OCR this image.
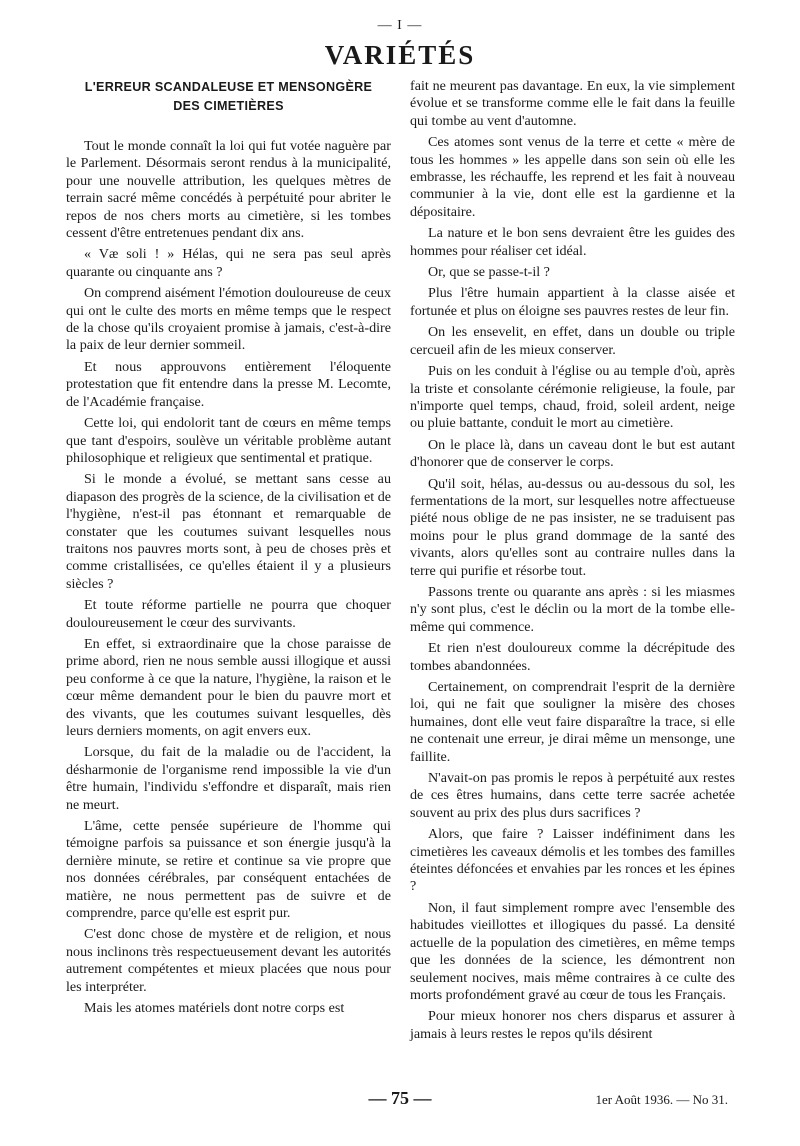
— I —
VARIÉTÉS
L'ERREUR SCANDALEUSE ET MENSONGÈRE
DES CIMETIÈRES

Tout le monde connaît la loi qui fut votée naguère par le Parlement. Désormais seront rendus à la municipalité, pour une nouvelle attribution, les quelques mètres de terrain sacré même concédés à perpétuité pour abriter le repos de nos chers morts au cimetière, si les tombes cessent d'être entretenues pendant dix ans.

« Væ soli ! » Hélas, qui ne sera pas seul après quarante ou cinquante ans ?

On comprend aisément l'émotion douloureuse de ceux qui ont le culte des morts en même temps que le respect de la chose qu'ils croyaient promise à jamais, c'est-à-dire la paix de leur dernier sommeil.

Et nous approuvons entièrement l'éloquente protestation que fit entendre dans la presse M. Lecomte, de l'Académie française.

Cette loi, qui endolorit tant de cœurs en même temps que tant d'espoirs, soulève un véritable problème autant philosophique et religieux que sentimental et pratique.

Si le monde a évolué, se mettant sans cesse au diapason des progrès de la science, de la civilisation et de l'hygiène, n'est-il pas étonnant et remarquable de constater que les coutumes suivant lesquelles nous traitons nos pauvres morts sont, à peu de choses près et comme cristallisées, ce qu'elles étaient il y a plusieurs siècles ?

Et toute réforme partielle ne pourra que choquer douloureusement le cœur des survivants.

En effet, si extraordinaire que la chose paraisse de prime abord, rien ne nous semble aussi illogique et aussi peu conforme à ce que la nature, l'hygiène, la raison et le cœur même demandent pour le bien du pauvre mort et des vivants, que les coutumes suivant lesquelles, dès leurs derniers moments, on agit envers eux.

Lorsque, du fait de la maladie ou de l'accident, la désharmonie de l'organisme rend impossible la vie d'un être humain, l'individu s'effondre et disparaît, mais rien ne meurt.

L'âme, cette pensée supérieure de l'homme qui témoigne parfois sa puissance et son énergie jusqu'à la dernière minute, se retire et continue sa vie propre que nos données cérébrales, par conséquent entachées de matière, ne nous permettent pas de suivre et de comprendre, parce qu'elle est esprit pur.

C'est donc chose de mystère et de religion, et nous nous inclinons très respectueusement devant les autorités autrement compétentes et mieux placées que nous pour les interpréter.

Mais les atomes matériels dont notre corps est

fait ne meurent pas davantage. En eux, la vie simplement évolue et se transforme comme elle le fait dans la feuille qui tombe au vent d'automne.

Ces atomes sont venus de la terre et cette « mère de tous les hommes » les appelle dans son sein où elle les embrasse, les réchauffe, les reprend et les fait à nouveau communier à la vie, dont elle est la gardienne et la dépositaire.

La nature et le bon sens devraient être les guides des hommes pour réaliser cet idéal.

Or, que se passe-t-il ?

Plus l'être humain appartient à la classe aisée et fortunée et plus on éloigne ses pauvres restes de leur fin.

On les ensevelit, en effet, dans un double ou triple cercueil afin de les mieux conserver.

Puis on les conduit à l'église ou au temple d'où, après la triste et consolante cérémonie religieuse, la foule, par n'importe quel temps, chaud, froid, soleil ardent, neige ou pluie battante, conduit le mort au cimetière.

On le place là, dans un caveau dont le but est autant d'honorer que de conserver le corps.

Qu'il soit, hélas, au-dessus ou au-dessous du sol, les fermentations de la mort, sur lesquelles notre affectueuse piété nous oblige de ne pas insister, ne se traduisent pas moins pour le plus grand dommage de la santé des vivants, alors qu'elles sont au contraire nulles dans la terre qui purifie et résorbe tout.

Passons trente ou quarante ans après : si les miasmes n'y sont plus, c'est le déclin ou la mort de la tombe elle-même qui commence.

Et rien n'est douloureux comme la décrépitude des tombes abandonnées.

Certainement, on comprendrait l'esprit de la dernière loi, qui ne fait que souligner la misère des choses humaines, dont elle veut faire disparaître la trace, si elle ne contenait une erreur, je dirai même un mensonge, une faillite.

N'avait-on pas promis le repos à perpétuité aux restes de ces êtres humains, dans cette terre sacrée achetée souvent au prix des plus durs sacrifices ?

Alors, que faire ? Laisser indéfiniment dans les cimetières les caveaux démolis et les tombes des familles éteintes défoncées et envahies par les ronces et les épines ?

Non, il faut simplement rompre avec l'ensemble des habitudes vieillottes et illogiques du passé. La densité actuelle de la population des cimetières, en même temps que les données de la science, les démontrent non seulement nocives, mais même contraires à ce culte des morts profondément gravé au cœur de tous les Français.

Pour mieux honorer nos chers disparus et assurer à jamais à leurs restes le repos qu'ils désirent

— 75 —	1er Août 1936. — No 31.
